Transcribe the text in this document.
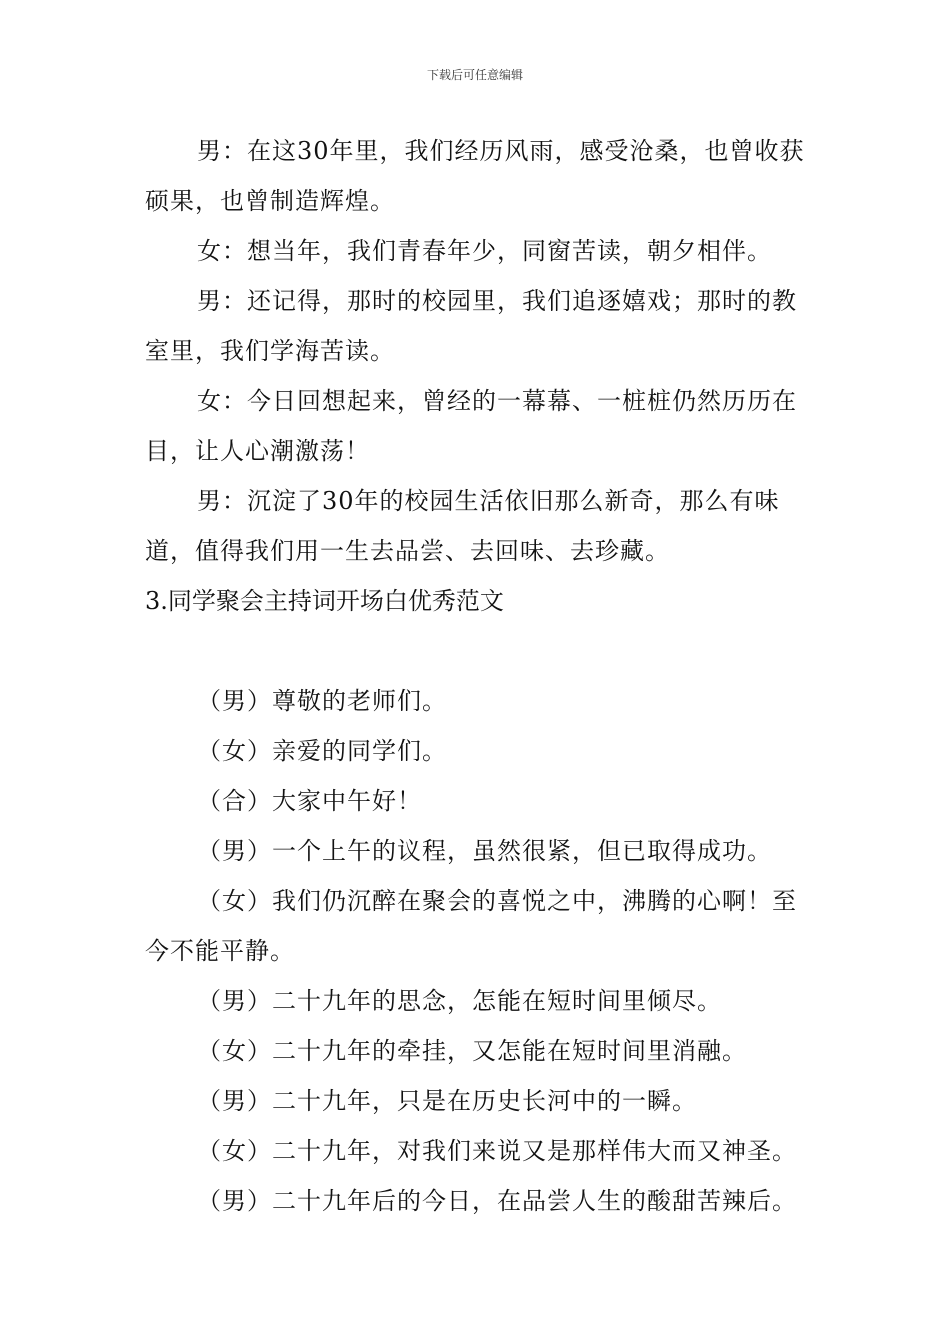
下载后可任意编辑

男：在这30年里，我们经历风雨，感受沧桑，也曾收获硕果，也曾制造辉煌。

女：想当年，我们青春年少，同窗苦读，朝夕相伴。

男：还记得，那时的校园里，我们追逐嬉戏；那时的教室里，我们学海苦读。

女：今日回想起来，曾经的一幕幕、一桩桩仍然历历在目，让人心潮激荡！

男：沉淀了30年的校园生活依旧那么新奇，那么有味道，值得我们用一生去品尝、去回味、去珍藏。

3.同学聚会主持词开场白优秀范文

（男）尊敬的老师们。

（女）亲爱的同学们。

（合）大家中午好！

（男）一个上午的议程，虽然很紧，但已取得成功。

（女）我们仍沉醉在聚会的喜悦之中，沸腾的心啊！至今不能平静。

（男）二十九年的思念，怎能在短时间里倾尽。

（女）二十九年的牵挂，又怎能在短时间里消融。

（男）二十九年，只是在历史长河中的一瞬。

（女）二十九年，对我们来说又是那样伟大而又神圣。

（男）二十九年后的今日，在品尝人生的酸甜苦辣后。
